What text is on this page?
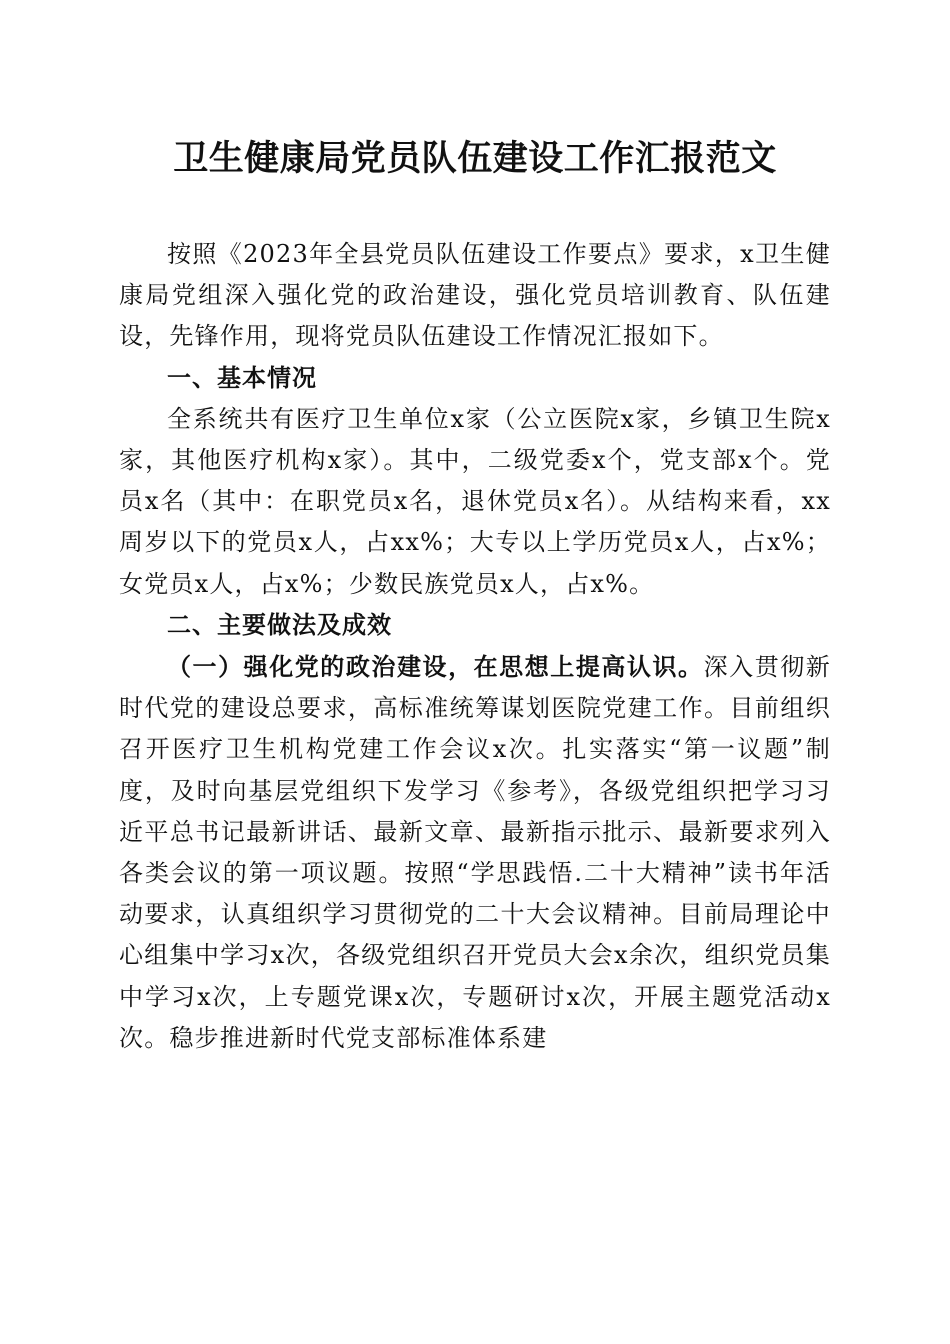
卫生健康局党员队伍建设工作汇报范文

按照《2023年全县党员队伍建设工作要点》要求，x卫生健康局党组深入强化党的政治建设，强化党员培训教育、队伍建设，先锋作用，现将党员队伍建设工作情况汇报如下。

一、基本情况

全系统共有医疗卫生单位x家（公立医院x家，乡镇卫生院x家，其他医疗机构x家）。其中，二级党委x个，党支部x个。党员x名（其中：在职党员x名，退休党员x名）。从结构来看，xx周岁以下的党员x人，占xx%；大专以上学历党员x人，占x%；女党员x人，占x%；少数民族党员x人，占x%。

二、主要做法及成效

（一）强化党的政治建设，在思想上提高认识。深入贯彻新时代党的建设总要求，高标准统筹谋划医院党建工作。目前组织召开医疗卫生机构党建工作会议x次。扎实落实“第一议题”制度，及时向基层党组织下发学习《参考》，各级党组织把学习习近平总书记最新讲话、最新文章、最新指示批示、最新要求列入各类会议的第一项议题。按照“学思践悟.二十大精神”读书年活动要求，认真组织学习贯彻党的二十大会议精神。目前局理论中心组集中学习x次，各级党组织召开党员大会x余次，组织党员集中学习x次，上专题党课x次，专题研讨x次，开展主题党活动x次。稳步推进新时代党支部标准体系建
